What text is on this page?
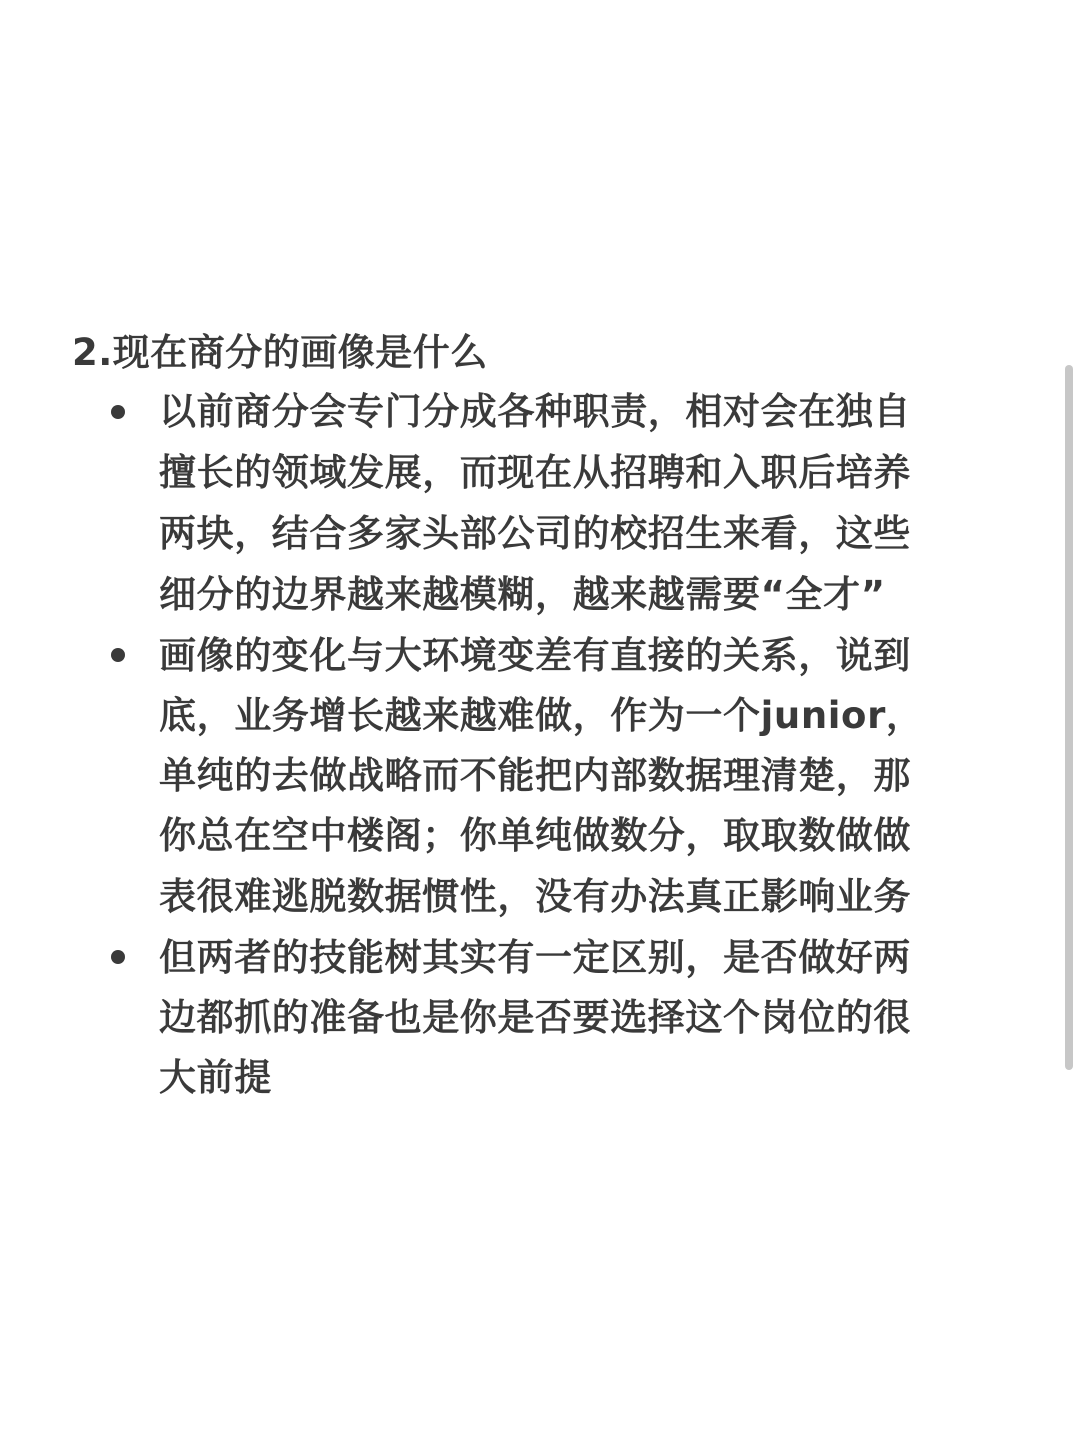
2.现在商分的画像是什么
以前商分会专门分成各种职责，相对会在独自
擅长的领域发展，而现在从招聘和入职后培养
两块，结合多家头部公司的校招生来看，这些
细分的边界越来越模糊，越来越需要“全才”
画像的变化与大环境变差有直接的关系，说到
底，业务增长越来越难做，作为一个junior，
单纯的去做战略而不能把内部数据理清楚，那
你总在空中楼阁；你单纯做数分，取取数做做
表很难逃脱数据惯性，没有办法真正影响业务
但两者的技能树其实有一定区别，是否做好两
边都抓的准备也是你是否要选择这个岗位的很
大前提
